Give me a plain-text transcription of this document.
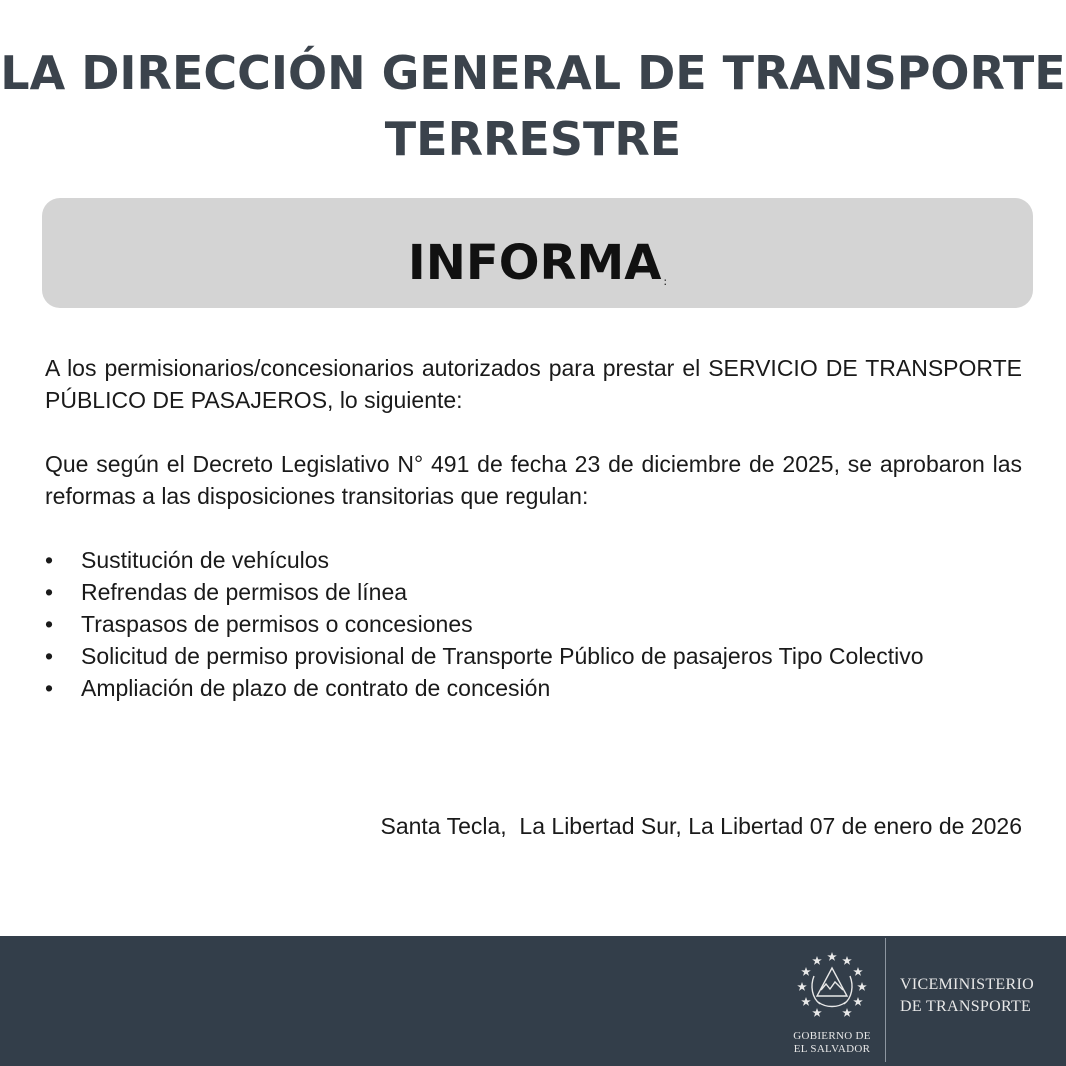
LA DIRECCIÓN GENERAL DE TRANSPORTE
TERRESTRE
INFORMA :
A los permisionarios/concesionarios autorizados para prestar el SERVICIO DE TRANSPORTE PÚBLICO DE PASAJEROS, lo siguiente:
Que según el Decreto Legislativo N° 491 de fecha 23 de diciembre de 2025, se aprobaron las reformas a las disposiciones transitorias que regulan:
• Sustitución de vehículos
• Refrendas de permisos de línea
• Traspasos de permisos o concesiones
• Solicitud de permiso provisional de Transporte Público de pasajeros Tipo Colectivo
• Ampliación de plazo de contrato de concesión
Santa Tecla,  La Libertad Sur, La Libertad 07 de enero de 2026
GOBIERNO DE
EL SALVADOR
VICEMINISTERIO
DE TRANSPORTE
